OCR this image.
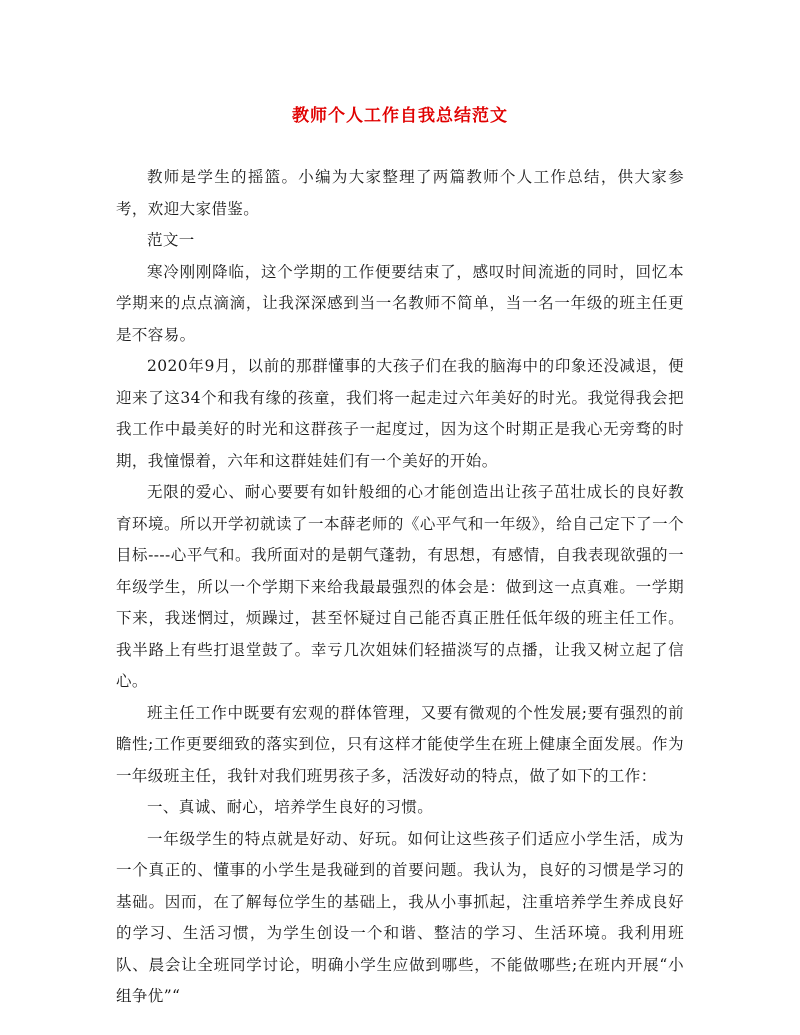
教师个人工作自我总结范文

教师是学生的摇篮。小编为大家整理了两篇教师个人工作总结，供大家参考，欢迎大家借鉴。

范文一

寒冷刚刚降临，这个学期的工作便要结束了，感叹时间流逝的同时，回忆本学期来的点点滴滴，让我深深感到当一名教师不简单，当一名一年级的班主任更是不容易。

2020年9月，以前的那群懂事的大孩子们在我的脑海中的印象还没减退，便迎来了这34个和我有缘的孩童，我们将一起走过六年美好的时光。我觉得我会把我工作中最美好的时光和这群孩子一起度过，因为这个时期正是我心无旁骛的时期，我憧憬着，六年和这群娃娃们有一个美好的开始。

无限的爱心、耐心要要有如针般细的心才能创造出让孩子茁壮成长的良好教育环境。所以开学初就读了一本薛老师的《心平气和一年级》，给自己定下了一个目标----心平气和。我所面对的是朝气蓬勃，有思想，有感情，自我表现欲强的一年级学生，所以一个学期下来给我最最强烈的体会是：做到这一点真难。一学期下来，我迷惘过，烦躁过，甚至怀疑过自己能否真正胜任低年级的班主任工作。我半路上有些打退堂鼓了。幸亏几次姐妹们轻描淡写的点播，让我又树立起了信心。

班主任工作中既要有宏观的群体管理，又要有微观的个性发展;要有强烈的前瞻性;工作更要细致的落实到位，只有这样才能使学生在班上健康全面发展。作为一年级班主任，我针对我们班男孩子多，活泼好动的特点，做了如下的工作：

一、真诚、耐心，培养学生良好的习惯。

一年级学生的特点就是好动、好玩。如何让这些孩子们适应小学生活，成为一个真正的、懂事的小学生是我碰到的首要问题。我认为，良好的习惯是学习的基础。因而，在了解每位学生的基础上，我从小事抓起，注重培养学生养成良好的学习、生活习惯，为学生创设一个和谐、整洁的学习、生活环境。我利用班队、晨会让全班同学讨论，明确小学生应做到哪些，不能做哪些;在班内开展“小组争优”“
